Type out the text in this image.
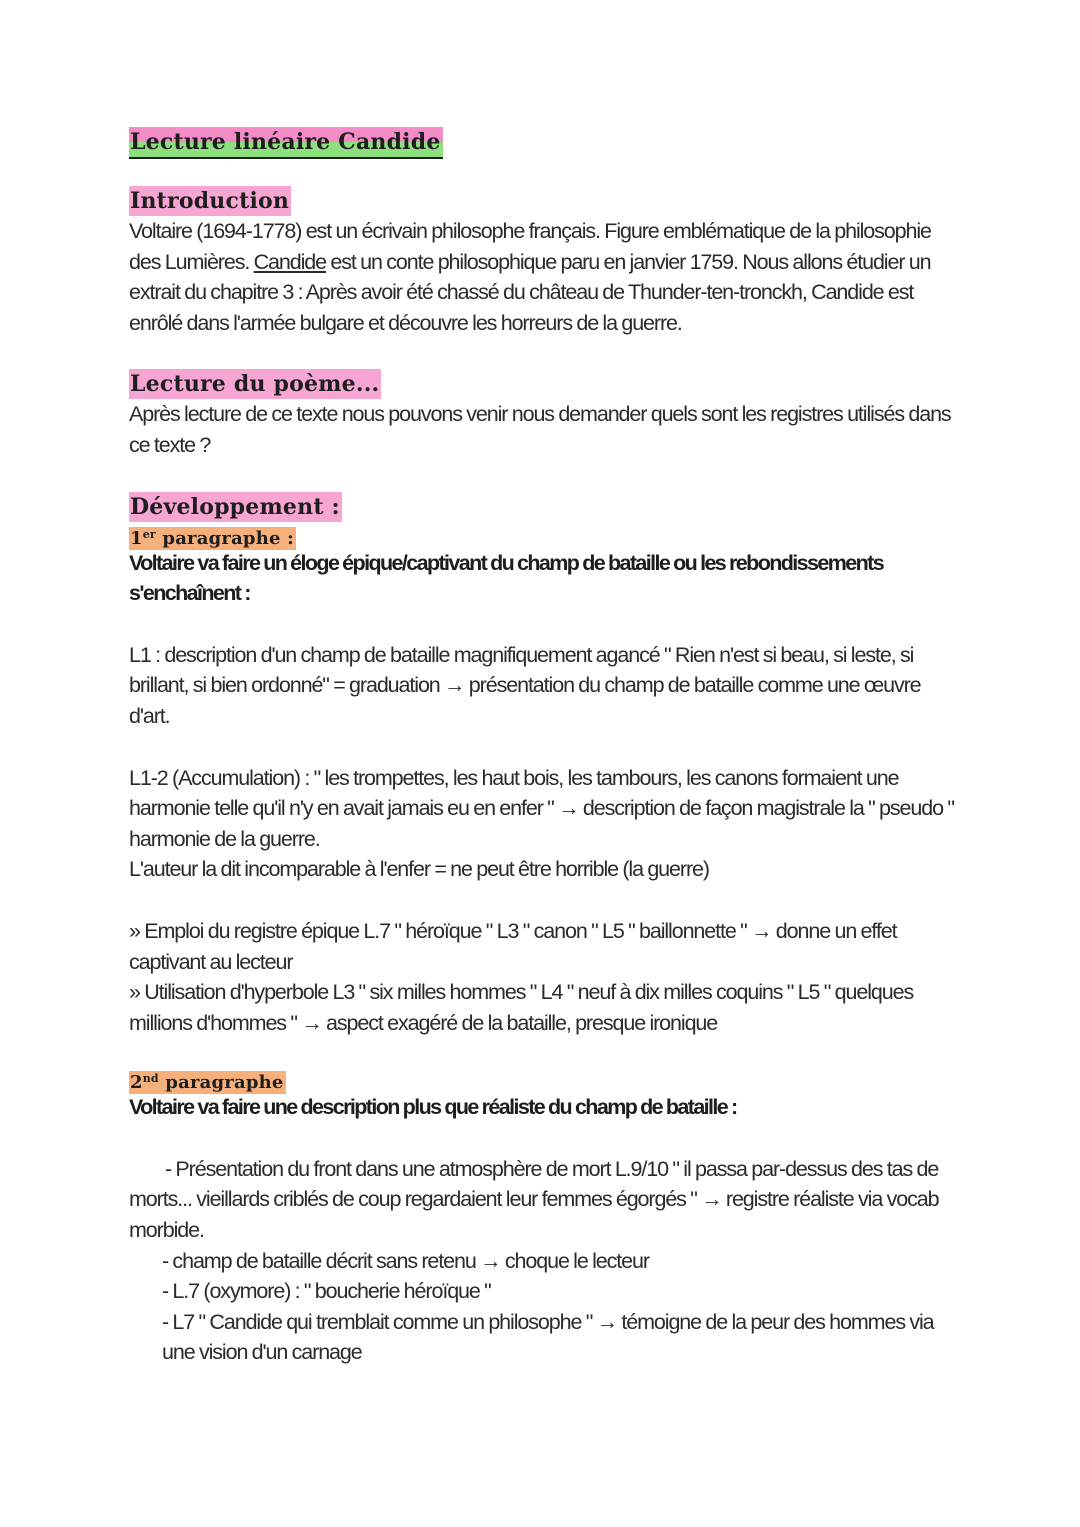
Lecture linéaire Candide
Introduction

Voltaire (1694-1778) est un écrivain philosophe français. Figure emblématique de la philosophie des Lumières. Candide est un conte philosophique paru en janvier 1759. Nous allons étudier un extrait du chapitre 3 : Après avoir été chassé du château de Thunder-ten-tronckh, Candide est enrôlé dans l'armée bulgare et découvre les horreurs de la guerre.

Lecture du poème...

Après lecture de ce texte nous pouvons venir nous demander quels sont les registres utilisés dans ce texte ?

Développement :
1er paragraphe :

Voltaire va faire un éloge épique/captivant du champ de bataille ou les rebondissements s'enchaînent :

L1 : description d'un champ de bataille magnifiquement agancé " Rien n'est si beau, si leste, si brillant, si bien ordonné" = graduation → présentation du champ de bataille comme une œuvre d'art.

L1-2 (Accumulation) : " les trompettes, les haut bois, les tambours, les canons formaient une harmonie telle qu'il n'y en avait jamais eu en enfer " → description de façon magistrale la " pseudo " harmonie de la guerre.
L'auteur la dit incomparable à l'enfer = ne peut être horrible (la guerre)

» Emploi du registre épique L.7 " héroïque " L3 " canon " L5 " baillonnette " → donne un effet captivant au lecteur
» Utilisation d'hyperbole L3 " six milles hommes " L4 " neuf à dix milles coquins " L5 " quelques millions d'hommes " → aspect exagéré de la bataille, presque ironique

2nd paragraphe

Voltaire va faire une description plus que réaliste du champ de bataille :

- Présentation du front dans une atmosphère de mort L.9/10 " il passa par-dessus des tas de morts... vieillards criblés de coup regardaient leur femmes égorgés " → registre réaliste via vocab morbide.

- champ de bataille décrit sans retenu → choque le lecteur

- L.7 (oxymore) : " boucherie héroïque "

- L7 " Candide qui tremblait comme un philosophe " → témoigne de la peur des hommes via une vision d'un carnage
